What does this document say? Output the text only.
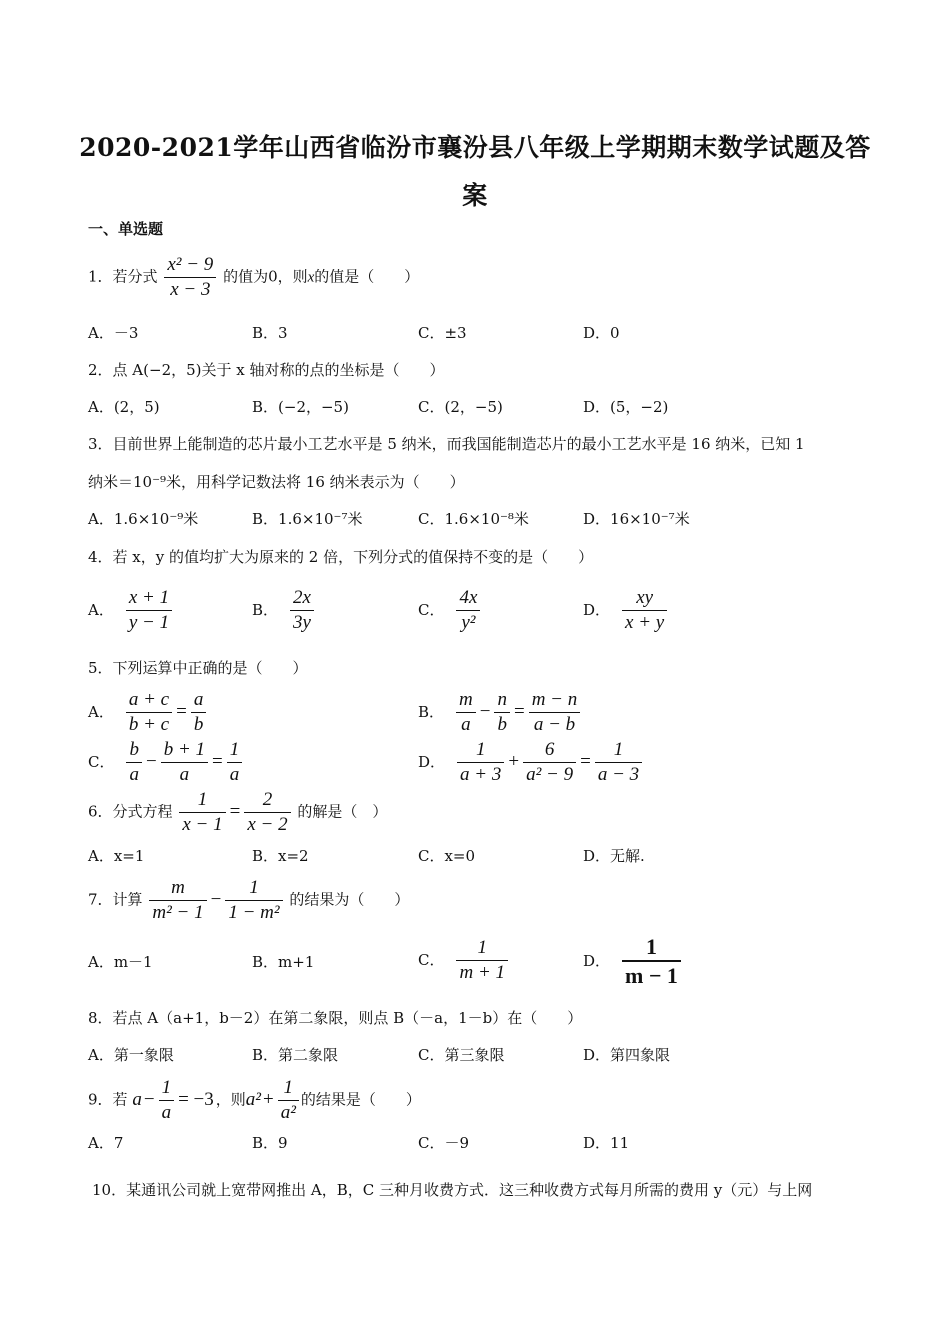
2020-2021学年山西省临汾市襄汾县八年级上学期期末数学试题及答
案
一、单选题
1．若分式 $\frac{\text{x² − 9}}{x - 3}$ 的值为0，则x的值是（　　）
A．－3	B．3	C．±3	D．0
2．点 A(−2，5)关于 x 轴对称的点的坐标是（　　）
A．(2，5)	B．(−2，−5)	C．(2，−5)	D．(5，−2)
3．目前世界上能制造的芯片最小工艺水平是 5 纳米，而我国能制造芯片的最小工艺水平是 16 纳米，已知 1
纳米＝10⁻⁹米，用科学记数法将 16 纳米表示为（　　）
A．1.6×10⁻⁹米	B．1.6×10⁻⁷米	C．1.6×10⁻⁸米	D．16×10⁻⁷米
4．若 x，y 的值均扩大为原来的 2 倍，下列分式的值保持不变的是（　　）
A． $\frac{x + 1}{y - 1}$	B． $\frac{2x}{3y}$	C． $\frac{4x}{\text{y²}}$	D． $\frac{xy}{x + y}$
5．下列运算中正确的是（　　）
A． $\frac{a + c}{b + c} = \frac{a}{b}$	B． $\frac{m}{a} - \frac{n}{b} = \frac{m - n}{a - b}$
C． $\frac{b}{a} - \frac{b + 1}{a} = \frac{1}{a}$	D． $\frac{1}{a + 3} + \frac{6}{\text{a² − 9}} = \frac{1}{a - 3}$
6．分式方程 $\frac{1}{x - 1} = \frac{2}{x - 2}$ 的解是（　）
A．x=1	B．x=2	C．x=0	D．无解.
7．计算 $\frac{m}{\text{m² − 1}} - \frac{1}{\text{1 − m²}}$ 的结果为（　　）
A．m－1	B．m+1	C． $\frac{1}{m + 1}$	D． $\frac{1}{m - 1}$
8．若点 A（a+1，b－2）在第二象限，则点 B（－a，1－b）在（　　）
A．第一象限	B．第二象限	C．第三象限	D．第四象限
9．若 $a - \frac{1}{a} = -3$ ，则$a^2 + \frac{1}{\text{a²}}$ 的结果是（　　）
A．7	B．9	C．－9	D．11
10．某通讯公司就上宽带网推出 A，B，C 三种月收费方式．这三种收费方式每月所需的费用 y（元）与上网
